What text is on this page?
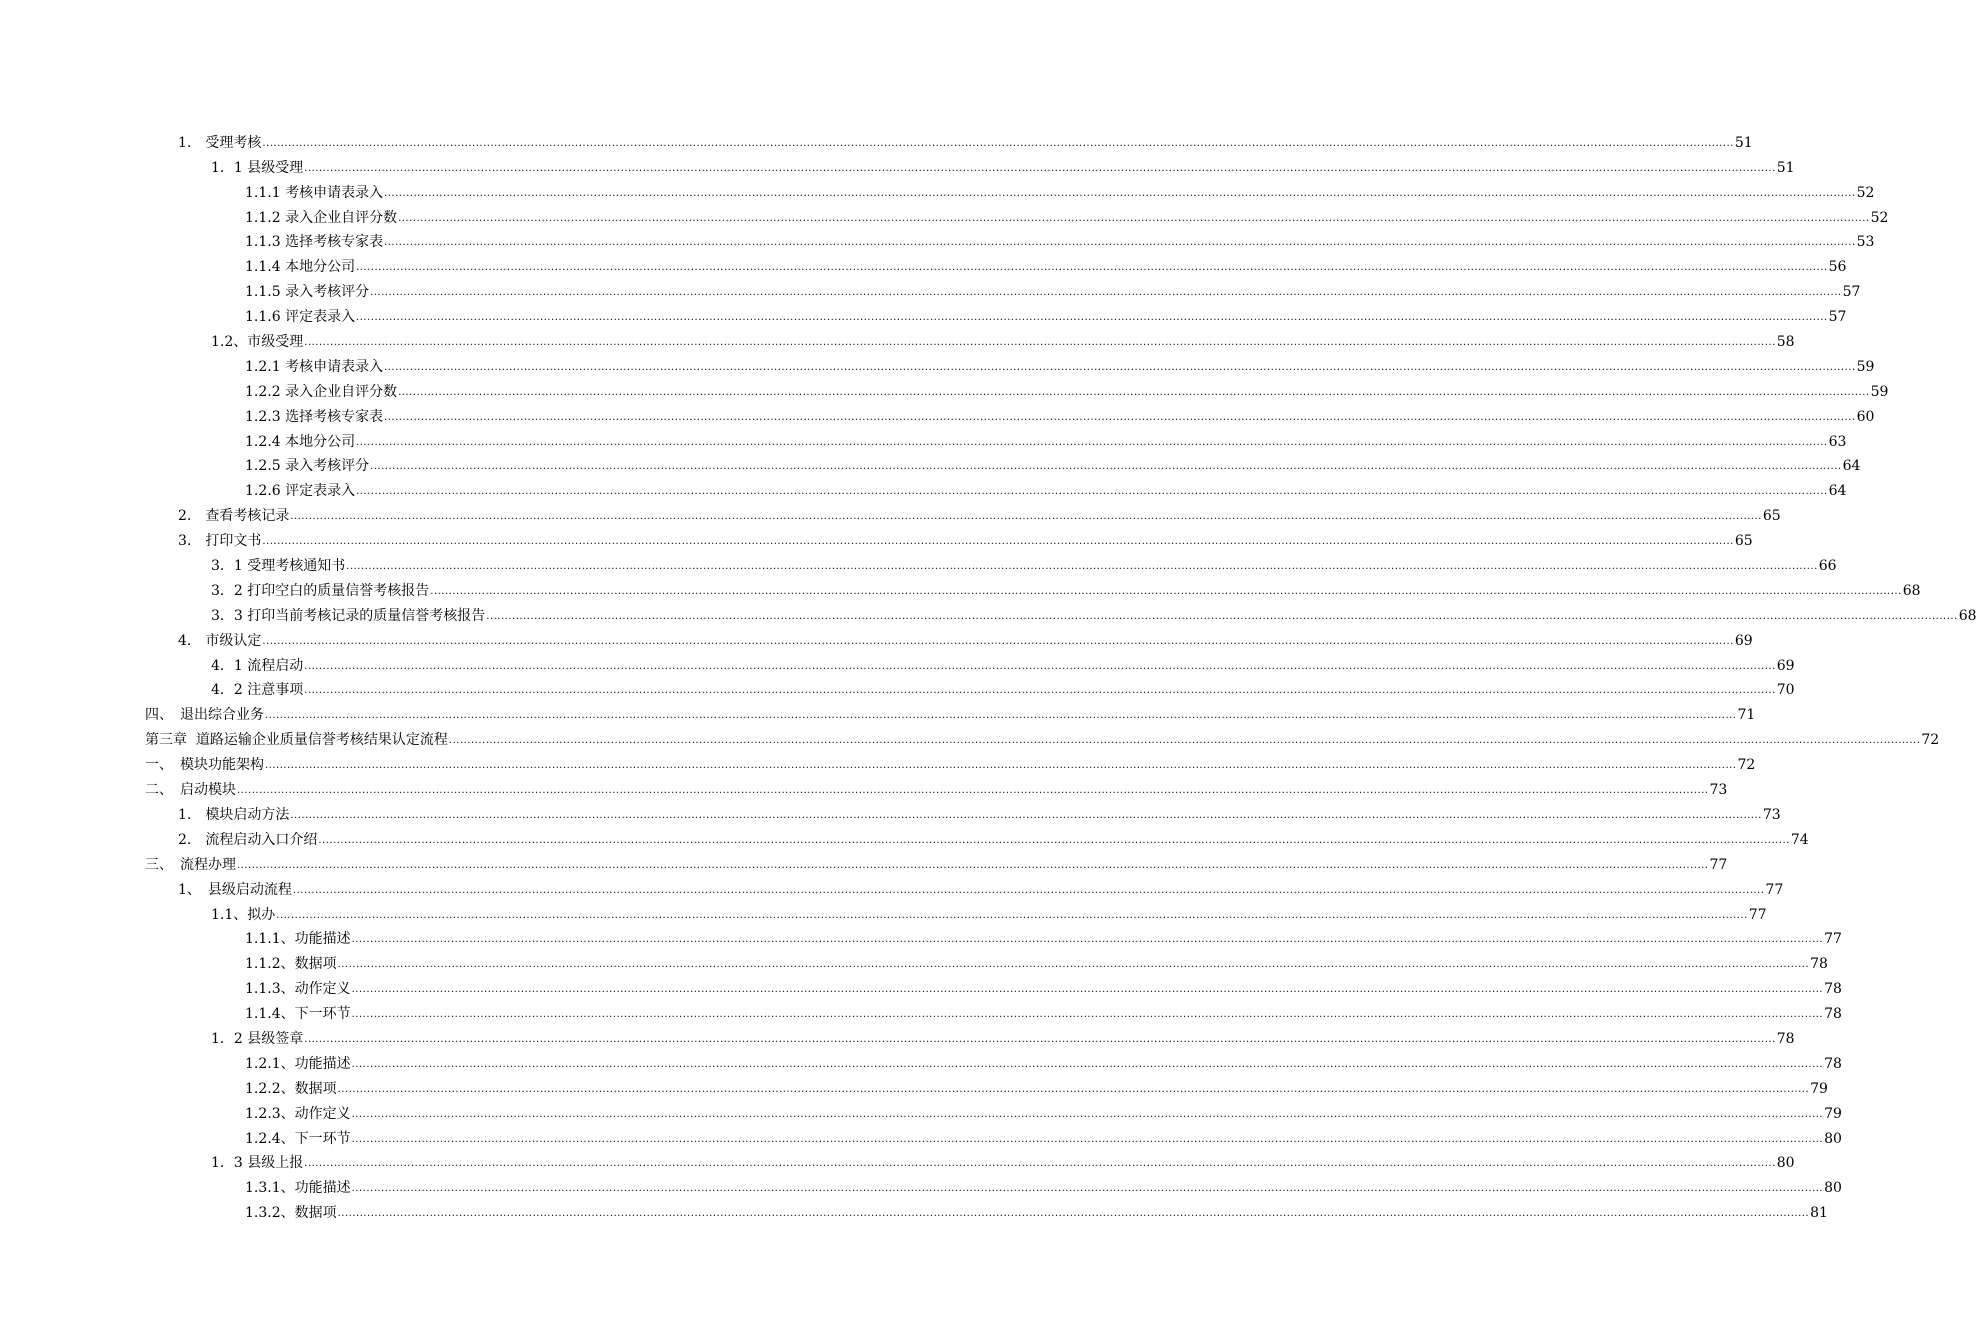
1.　受理考核 ................................................................................................................................................................................................................................................................................................................................................................................................................ 51
1．1 县级受理 ................................................................................................................................................................................................................................................................................................................................................................................................................ 51
1.1.1 考核申请表录入 ................................................................................................................................................................................................................................................................................................................................................................................................................ 52
1.1.2 录入企业自评分数 ................................................................................................................................................................................................................................................................................................................................................................................................................ 52
1.1.3 选择考核专家表 ................................................................................................................................................................................................................................................................................................................................................................................................................ 53
1.1.4 本地分公司 ................................................................................................................................................................................................................................................................................................................................................................................................................ 56
1.1.5 录入考核评分 ................................................................................................................................................................................................................................................................................................................................................................................................................ 57
1.1.6 评定表录入 ................................................................................................................................................................................................................................................................................................................................................................................................................ 57
1.2、市级受理 ................................................................................................................................................................................................................................................................................................................................................................................................................ 58
1.2.1 考核申请表录入 ................................................................................................................................................................................................................................................................................................................................................................................................................ 59
1.2.2 录入企业自评分数 ................................................................................................................................................................................................................................................................................................................................................................................................................ 59
1.2.3 选择考核专家表 ................................................................................................................................................................................................................................................................................................................................................................................................................ 60
1.2.4 本地分公司 ................................................................................................................................................................................................................................................................................................................................................................................................................ 63
1.2.5 录入考核评分 ................................................................................................................................................................................................................................................................................................................................................................................................................ 64
1.2.6 评定表录入 ................................................................................................................................................................................................................................................................................................................................................................................................................ 64
2.　查看考核记录 ................................................................................................................................................................................................................................................................................................................................................................................................................ 65
3.　打印文书 ................................................................................................................................................................................................................................................................................................................................................................................................................ 65
3．1 受理考核通知书 ................................................................................................................................................................................................................................................................................................................................................................................................................ 66
3．2 打印空白的质量信誉考核报告 ................................................................................................................................................................................................................................................................................................................................................................................................................ 68
3．3 打印当前考核记录的质量信誉考核报告 ................................................................................................................................................................................................................................................................................................................................................................................................................ 68
4.　市级认定 ................................................................................................................................................................................................................................................................................................................................................................................................................ 69
4．1 流程启动 ................................................................................................................................................................................................................................................................................................................................................................................................................ 69
4．2 注意事项 ................................................................................................................................................................................................................................................................................................................................................................................................................ 70
四、　退出综合业务 ................................................................................................................................................................................................................................................................................................................................................................................................................ 71
第三章  道路运输企业质量信誉考核结果认定流程 ................................................................................................................................................................................................................................................................................................................................................................................................................ 72
一、　模块功能架构 ................................................................................................................................................................................................................................................................................................................................................................................................................ 72
二、　启动模块 ................................................................................................................................................................................................................................................................................................................................................................................................................ 73
1.　模块启动方法 ................................................................................................................................................................................................................................................................................................................................................................................................................ 73
2.　流程启动入口介绍 ................................................................................................................................................................................................................................................................................................................................................................................................................ 74
三、　流程办理 ................................................................................................................................................................................................................................................................................................................................................................................................................ 77
1、　县级启动流程 ................................................................................................................................................................................................................................................................................................................................................................................................................ 77
1.1、拟办 ................................................................................................................................................................................................................................................................................................................................................................................................................ 77
1.1.1、功能描述 ................................................................................................................................................................................................................................................................................................................................................................................................................ 77
1.1.2、数据项 ................................................................................................................................................................................................................................................................................................................................................................................................................ 78
1.1.3、动作定义 ................................................................................................................................................................................................................................................................................................................................................................................................................ 78
1.1.4、下一环节 ................................................................................................................................................................................................................................................................................................................................................................................................................ 78
1．2 县级签章 ................................................................................................................................................................................................................................................................................................................................................................................................................ 78
1.2.1、功能描述 ................................................................................................................................................................................................................................................................................................................................................................................................................ 78
1.2.2、数据项 ................................................................................................................................................................................................................................................................................................................................................................................................................ 79
1.2.3、动作定义 ................................................................................................................................................................................................................................................................................................................................................................................................................ 79
1.2.4、下一环节 ................................................................................................................................................................................................................................................................................................................................................................................................................ 80
1．3 县级上报 ................................................................................................................................................................................................................................................................................................................................................................................................................ 80
1.3.1、功能描述 ................................................................................................................................................................................................................................................................................................................................................................................................................ 80
1.3.2、数据项 ................................................................................................................................................................................................................................................................................................................................................................................................................ 81
